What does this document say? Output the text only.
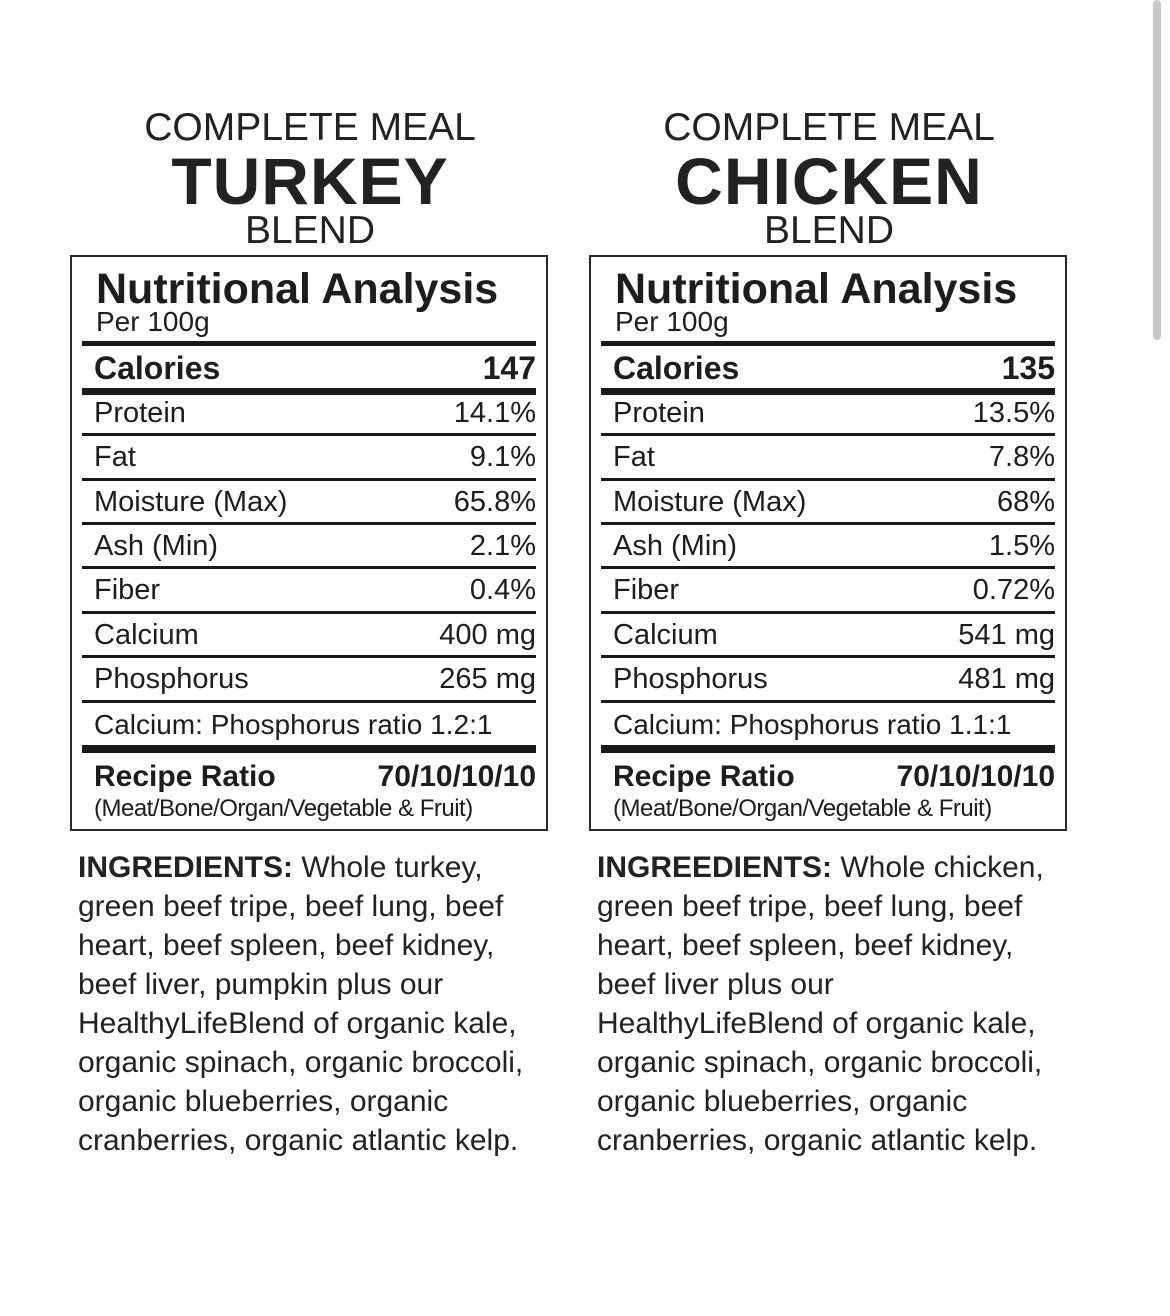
COMPLETE MEAL
TURKEY
BLEND
Nutritional Analysis
Per 100g
Calories	147
Protein	14.1%
Fat	9.1%
Moisture (Max)	65.8%
Ash (Min)	2.1%
Fiber	0.4%
Calcium	400 mg
Phosphorus	265 mg
Calcium: Phosphorus ratio 1.2:1
Recipe Ratio	70/10/10/10
(Meat/Bone/Organ/Vegetable & Fruit)
INGREDIENTS: Whole turkey, green beef tripe, beef lung, beef heart, beef spleen, beef kidney, beef liver, pumpkin plus our HealthyLifeBlend of organic kale, organic spinach, organic broccoli, organic blueberries, organic cranberries, organic atlantic kelp.
COMPLETE MEAL
CHICKEN
BLEND
Nutritional Analysis
Per 100g
Calories	135
Protein	13.5%
Fat	7.8%
Moisture (Max)	68%
Ash (Min)	1.5%
Fiber	0.72%
Calcium	541 mg
Phosphorus	481 mg
Calcium: Phosphorus ratio 1.1:1
Recipe Ratio	70/10/10/10
(Meat/Bone/Organ/Vegetable & Fruit)
INGREEDIENTS: Whole chicken, green beef tripe, beef lung, beef heart, beef spleen, beef kidney, beef liver plus our HealthyLifeBlend of organic kale, organic spinach, organic broccoli, organic blueberries, organic cranberries, organic atlantic kelp.
